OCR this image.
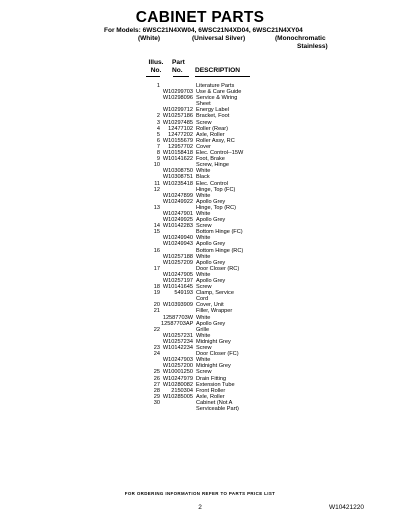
CABINET PARTS
For Models: 6WSC21N4XW04, 6WSC21N4XD04, 6WSC21N4XY04
(White)	(Universal Silver)	(Monochromatic
Stainless)
Illus.
No.
Part
No.	DESCRIPTION
1	Literature Parts
W10299703 Use & Care Guide
W10298096 Service & Wiring
Sheet
W10299712 Energy Label
2 W10257186 Bracket, Foot
3 W10297485 Screw
4	12477102 Roller (Rear)
5	12477202 Axle, Roller
6 W10155679 Roller Assy, RC
7	12957702 Cover
8 W10158418 Elec. Control--15W
9 W10141622 Foot, Brake
10	Screw, Hinge
W10308750 White
W10308751 Black
11 W10235418 Elec. Control
12	Hinge, Top (FC)
W10247899 White
W10249922 Apollo Grey
13	Hinge, Top (RC)
W10247901 White
W10249925 Apollo Grey
14 W10142283 Screw
15	Bottom Hinge (FC)
W10249940 White
W10249943 Apollo Grey
16	Bottom Hinge (RC)
W10257188 White
W10257209 Apollo Grey
17	Door Closer (RC)
W10247905 White
W10257197 Apollo Grey
18 W10141645 Screw
19	549193 Clamp, Service
Cord
20 W10393909 Cover, Unit
21	Filler, Wrapper
12587703W White
12587703AP Apollo Grey
22	Grille
W10257231 White
W10257234 Midnight Grey
23 W10142234 Screw
24	Door Closer (FC)
W10247903 White
W10257200 Midnight Grey
25 W10001250 Screw
26 W10247979 Drain Fitting
27 W10280082 Extension Tube
28	2150304 Front Roller
29 W10285005 Axle, Roller
30	Cabinet (Not A
Serviceable Part)
FOR ORDERING INFORMATION REFER TO PARTS PRICE LIST
2	W10421220
